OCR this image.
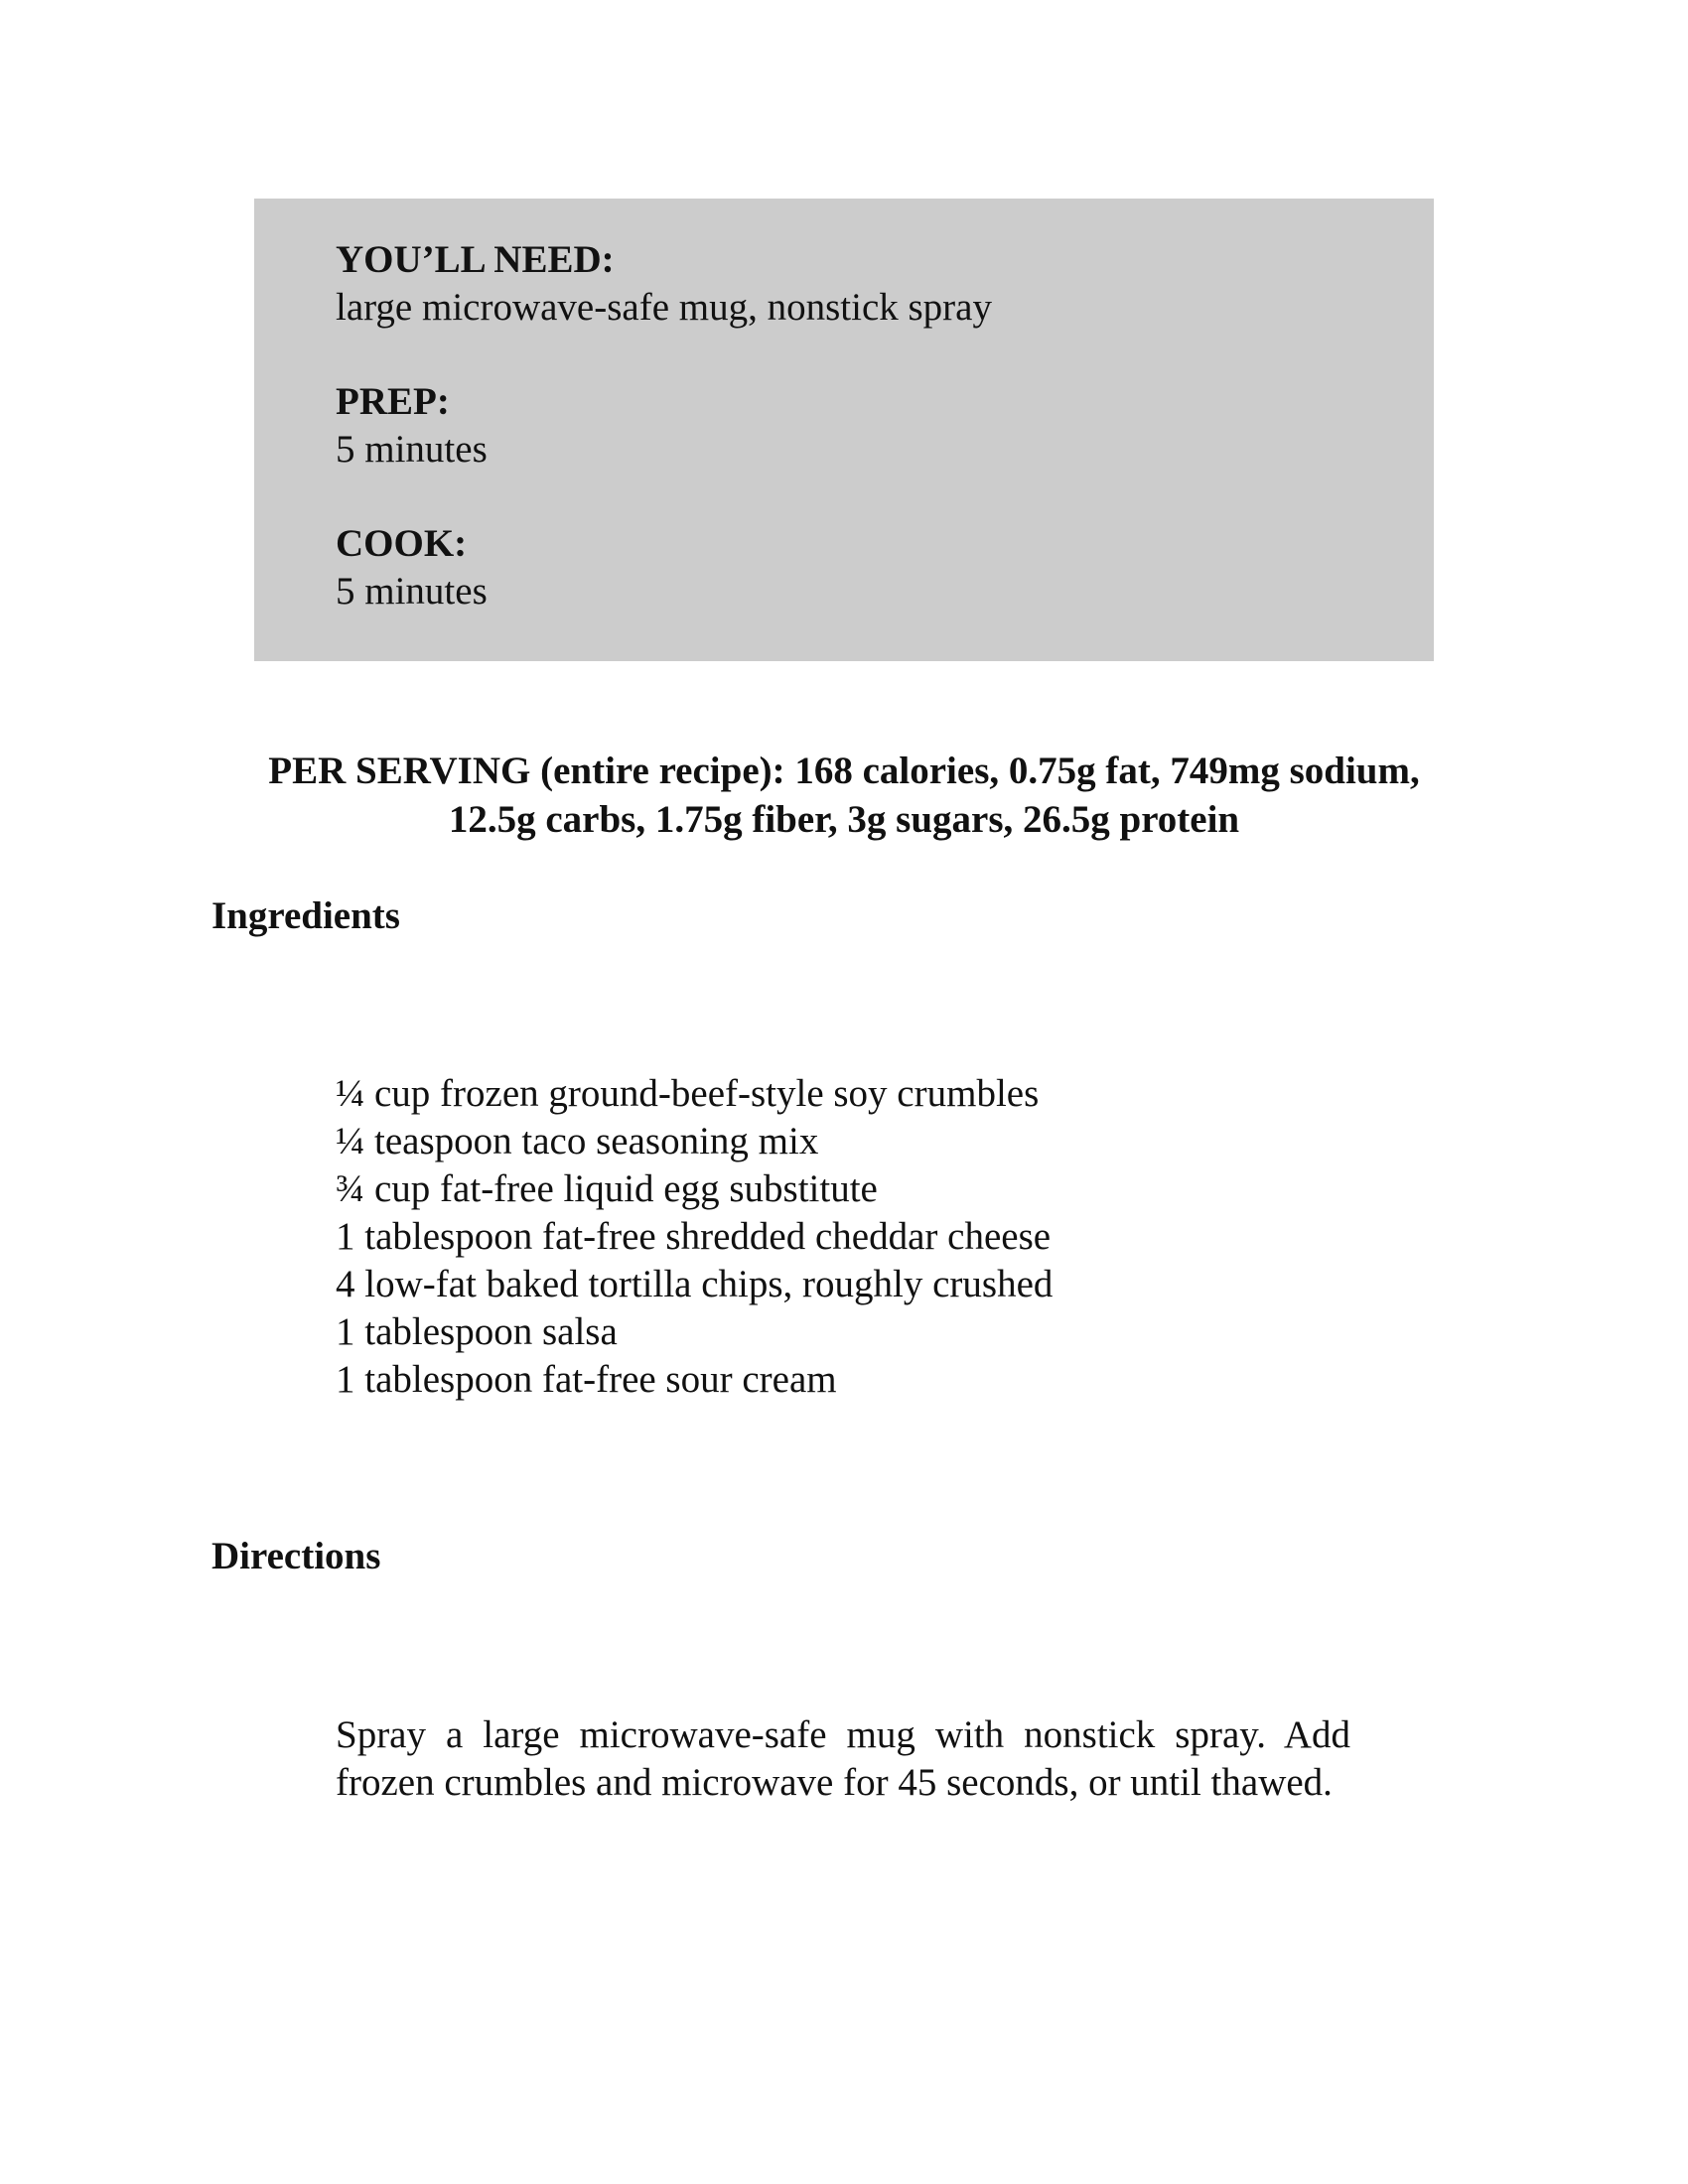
YOU’LL NEED:
large microwave-safe mug, nonstick spray
PREP:
5 minutes
COOK:
5 minutes
PER SERVING (entire recipe): 168 calories, 0.75g fat, 749mg sodium,
12.5g carbs, 1.75g fiber, 3g sugars, 26.5g protein
Ingredients
¼ cup frozen ground-beef-style soy crumbles
¼ teaspoon taco seasoning mix
¾ cup fat-free liquid egg substitute
1 tablespoon fat-free shredded cheddar cheese
4 low-fat baked tortilla chips, roughly crushed
1 tablespoon salsa
1 tablespoon fat-free sour cream
Directions

Spray a large microwave-safe mug with nonstick spray. Add frozen crumbles and microwave for 45 seconds, or until thawed.
